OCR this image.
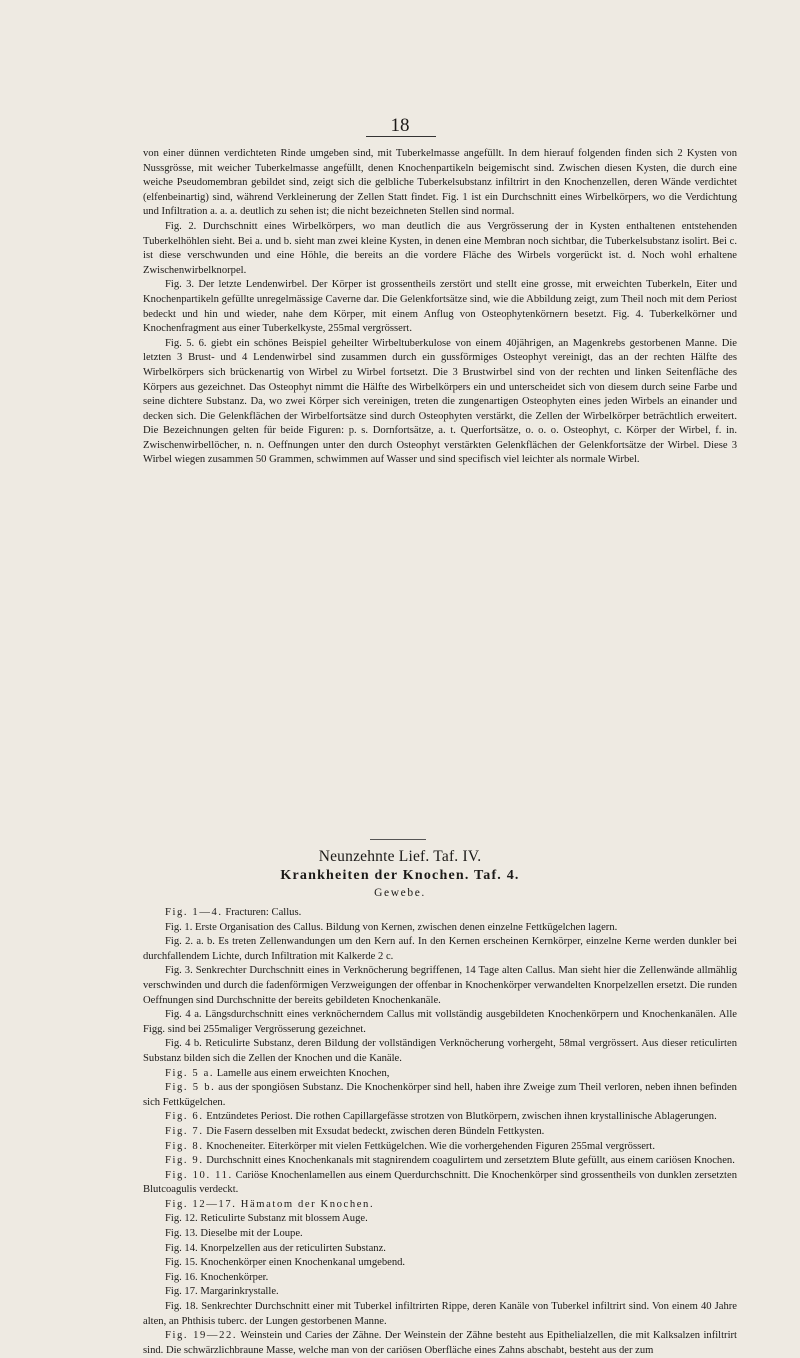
18

von einer dünnen verdichteten Rinde umgeben sind, mit Tuberkelmasse angefüllt. In dem hierauf folgenden finden sich 2 Kysten von Nussgrösse, mit weicher Tuberkelmasse angefüllt, denen Knochenpartikeln beigemischt sind. Zwischen diesen Kysten, die durch eine weiche Pseudomembran gebildet sind, zeigt sich die gelbliche Tuberkelsubstanz infiltrirt in den Knochenzellen, deren Wände verdichtet (elfenbeinartig) sind, während Verkleinerung der Zellen Statt findet. Fig. 1 ist ein Durchschnitt eines Wirbelkörpers, wo die Verdichtung und Infiltration a. a. a. deutlich zu sehen ist; die nicht bezeichneten Stellen sind normal.

Fig. 2. Durchschnitt eines Wirbelkörpers, wo man deutlich die aus Vergrösserung der in Kysten enthaltenen entstehenden Tuberkelhöhlen sieht. Bei a. und b. sieht man zwei kleine Kysten, in denen eine Membran noch sichtbar, die Tuberkelsubstanz isolirt. Bei c. ist diese verschwunden und eine Höhle, die bereits an die vordere Fläche des Wirbels vorgerückt ist. d. Noch wohl erhaltene Zwischenwirbelknorpel.

Fig. 3. Der letzte Lendenwirbel. Der Körper ist grossentheils zerstört und stellt eine grosse, mit erweichten Tuberkeln, Eiter und Knochenpartikeln gefüllte unregelmässige Caverne dar. Die Gelenkfortsätze sind, wie die Abbildung zeigt, zum Theil noch mit dem Periost bedeckt und hin und wieder, nahe dem Körper, mit einem Anflug von Osteophytenkörnern besetzt. Fig. 4. Tuberkelkörner und Knochenfragment aus einer Tuberkelkyste, 255mal vergrössert.

Fig. 5. 6. giebt ein schönes Beispiel geheilter Wirbeltuberkulose von einem 40jährigen, an Magenkrebs gestorbenen Manne. Die letzten 3 Brust- und 4 Lendenwirbel sind zusammen durch ein gussförmiges Osteophyt vereinigt, das an der rechten Hälfte des Wirbelkörpers sich brückenartig von Wirbel zu Wirbel fortsetzt. Die 3 Brustwirbel sind von der rechten und linken Seitenfläche des Körpers aus gezeichnet. Das Osteophyt nimmt die Hälfte des Wirbelkörpers ein und unterscheidet sich von diesem durch seine Farbe und seine dichtere Substanz. Da, wo zwei Körper sich vereinigen, treten die zungenartigen Osteophyten eines jeden Wirbels an einander und decken sich. Die Gelenkflächen der Wirbelfortsätze sind durch Osteophyten verstärkt, die Zellen der Wirbelkörper beträchtlich erweitert. Die Bezeichnungen gelten für beide Figuren: p. s. Dornfortsätze, a. t. Querfortsätze, o. o. o. Osteophyt, c. Körper der Wirbel, f. in. Zwischenwirbellöcher, n. n. Oeffnungen unter den durch Osteophyt verstärkten Gelenkflächen der Gelenkfortsätze der Wirbel. Diese 3 Wirbel wiegen zusammen 50 Grammen, schwimmen auf Wasser und sind specifisch viel leichter als normale Wirbel.

Neunzehnte Lief. Taf. IV.
Krankheiten der Knochen. Taf. 4.
Gewebe.

Fig. 1—4. Fracturen: Callus.

Fig. 1. Erste Organisation des Callus. Bildung von Kernen, zwischen denen einzelne Fettkügelchen lagern.

Fig. 2. a. b. Es treten Zellenwandungen um den Kern auf. In den Kernen erscheinen Kernkörper, einzelne Kerne werden dunkler bei durchfallendem Lichte, durch Infiltration mit Kalkerde 2 c.

Fig. 3. Senkrechter Durchschnitt eines in Verknöcherung begriffenen, 14 Tage alten Callus. Man sieht hier die Zellenwände allmählig verschwinden und durch die fadenförmigen Verzweigungen der offenbar in Knochenkörper verwandelten Knorpelzellen ersetzt. Die runden Oeffnungen sind Durchschnitte der bereits gebildeten Knochenkanäle.

Fig. 4 a. Längsdurchschnitt eines verknöcherndem Callus mit vollständig ausgebildeten Knochenkörpern und Knochenkanälen. Alle Figg. sind bei 255maliger Vergrösserung gezeichnet.

Fig. 4 b. Reticulirte Substanz, deren Bildung der vollständigen Verknöcherung vorhergeht, 58mal vergrössert. Aus dieser reticulirten Substanz bilden sich die Zellen der Knochen und die Kanäle.

Fig. 5 a. Lamelle aus einem erweichten Knochen,

Fig. 5 b. aus der spongiösen Substanz. Die Knochenkörper sind hell, haben ihre Zweige zum Theil verloren, neben ihnen befinden sich Fettkügelchen.

Fig. 6. Entzündetes Periost. Die rothen Capillargefässe strotzen von Blutkörpern, zwischen ihnen krystallinische Ablagerungen.

Fig. 7. Die Fasern desselben mit Exsudat bedeckt, zwischen deren Bündeln Fettkysten.

Fig. 8. Knocheneiter. Eiterkörper mit vielen Fettkügelchen. Wie die vorhergehenden Figuren 255mal vergrössert.

Fig. 9. Durchschnitt eines Knochenkanals mit stagnirendem coagulirtem und zersetztem Blute gefüllt, aus einem cariösen Knochen.

Fig. 10. 11. Cariöse Knochenlamellen aus einem Querdurchschnitt. Die Knochenkörper sind grossentheils von dunklen zersetzten Blutcoagulis verdeckt.

Fig. 12—17. Hämatom der Knochen.

Fig. 12. Reticulirte Substanz mit blossem Auge.

Fig. 13. Dieselbe mit der Loupe.

Fig. 14. Knorpelzellen aus der reticulirten Substanz.

Fig. 15. Knochenkörper einen Knochenkanal umgebend.

Fig. 16. Knochenkörper.

Fig. 17. Margarinkrystalle.

Fig. 18. Senkrechter Durchschnitt einer mit Tuberkel infiltrirten Rippe, deren Kanäle von Tuberkel infiltrirt sind. Von einem 40 Jahre alten, an Phthisis tuberc. der Lungen gestorbenen Manne.

Fig. 19—22. Weinstein und Caries der Zähne. Der Weinstein der Zähne besteht aus Epithelialzellen, die mit Kalksalzen infiltrirt sind. Die schwärzlichbraune Masse, welche man von der cariösen Oberfläche eines Zahns abschabt, besteht aus der zum
